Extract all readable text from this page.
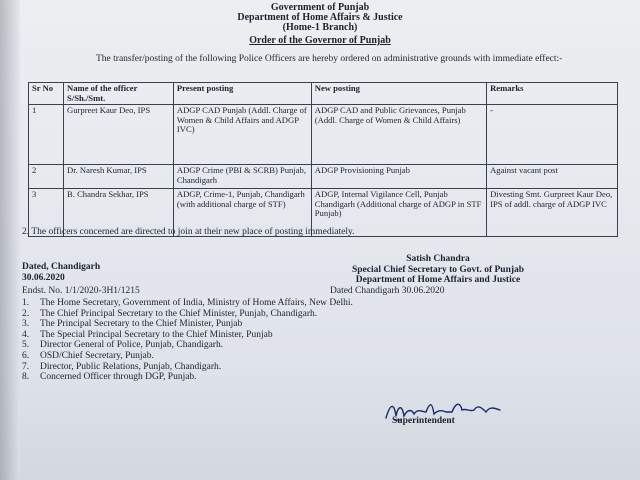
Government of Punjab
Department of Home Affairs & Justice
(Home-1 Branch)
Order of the Governor of Punjab
The transfer/posting of the following Police Officers are hereby ordered on administrative grounds with immediate effect:-
Sr No	Name of the officer S/Sh./Smt.	Present posting	New posting	Remarks
1	Gurpreet Kaur Deo, IPS	ADGP CAD Punjab (Addl. Charge of Women & Child Affairs and ADGP IVC)	ADGP CAD and Public Grievances, Punjab (Addl. Charge of Women & Child Affairs)	-
2	Dr. Naresh Kumar, IPS	ADGP Crime (PBI & SCRB) Punjab, Chandigarh	ADGP Provisioning Punjab	Against vacant post
3	B. Chandra Sekhar, IPS	ADGP, Crime-1, Punjab, Chandigarh (with additional charge of STF)	ADGP, Internal Vigilance Cell, Punjab Chandigarh (Additional charge of ADGP in STF Punjab)	Divesting Smt. Gurpreet Kaur Deo, IPS of addl. charge of ADGP IVC
2. The officers concerned are directed to join at their new place of posting immediately.
Satish Chandra
Special Chief Secretary to Govt. of Punjab
Department of Home Affairs and Justice
Dated, Chandigarh
30.06.2020
Endst. No. 1/1/2020-3H1/1215	Dated Chandigarh 30.06.2020
1.	The Home Secretary, Government of India, Ministry of Home Affairs, New Delhi.
2.	The Chief Principal Secretary to the Chief Minister, Punjab, Chandigarh.
3.	The Principal Secretary to the Chief Minister, Punjab
4.	The Special Principal Secretary to the Chief Minister, Punjab
5.	Director General of Police, Punjab, Chandigarh.
6.	OSD/Chief Secretary, Punjab.
7.	Director, Public Relations, Punjab, Chandigarh.
8.	Concerned Officer through DGP, Punjab.
Superintendent
